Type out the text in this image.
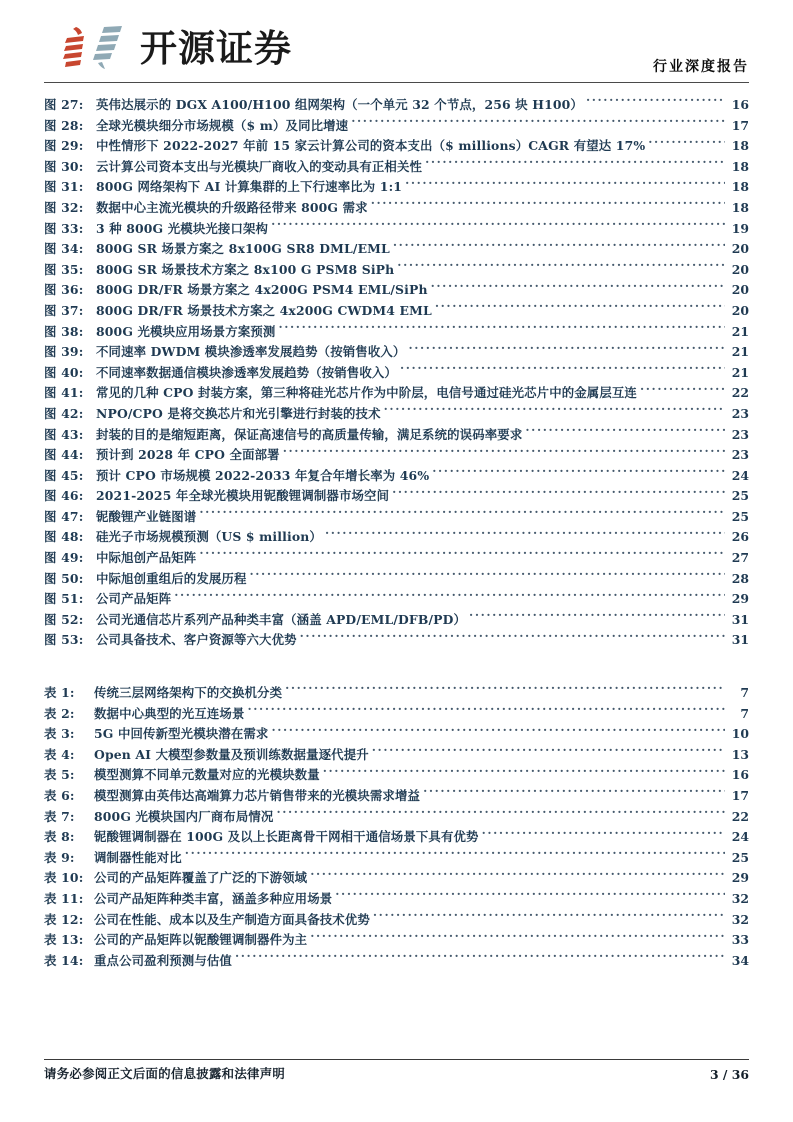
开源证券	行业深度报告
图 27:	英伟达展示的 DGX A100/H100 组网架构（一个单元 32 个节点，256 块 H100） .....	16
图 28:	全球光模块细分市场规模（$ m）及同比增速 .....	17
图 29:	中性情形下 2022-2027 年前 15 家云计算公司的资本支出（$ millions）CAGR 有望达 17% .....	18
图 30:	云计算公司资本支出与光模块厂商收入的变动具有正相关性 .....	18
图 31:	800G 网络架构下 AI 计算集群的上下行速率比为 1:1 .....	18
图 32:	数据中心主流光模块的升级路径带来 800G 需求 .....	18
图 33:	3 种 800G 光模块光接口架构 .....	19
图 34:	800G SR 场景方案之 8x100G SR8 DML/EML .....	20
图 35:	800G SR 场景技术方案之 8x100 G PSM8 SiPh .....	20
图 36:	800G DR/FR 场景方案之 4x200G PSM4 EML/SiPh .....	20
图 37:	800G DR/FR 场景技术方案之 4x200G CWDM4 EML .....	20
图 38:	800G 光模块应用场景方案预测 .....	21
图 39:	不同速率 DWDM 模块渗透率发展趋势（按销售收入） .....	21
图 40:	不同速率数据通信模块渗透率发展趋势（按销售收入） .....	21
图 41:	常见的几种 CPO 封装方案，第三种将硅光芯片作为中阶层，电信号通过硅光芯片中的金属层互连 .....	22
图 42:	NPO/CPO 是将交换芯片和光引擎进行封装的技术 .....	23
图 43:	封装的目的是缩短距离，保证高速信号的高质量传输，满足系统的误码率要求 .....	23
图 44:	预计到 2028 年 CPO 全面部署 .....	23
图 45:	预计 CPO 市场规模 2022-2033 年复合年增长率为 46% .....	24
图 46:	2021-2025 年全球光模块用铌酸锂调制器市场空间 .....	25
图 47:	铌酸锂产业链图谱 .....	25
图 48:	硅光子市场规模预测（US $ million） .....	26
图 49:	中际旭创产品矩阵 .....	27
图 50:	中际旭创重组后的发展历程 .....	28
图 51:	公司产品矩阵 .....	29
图 52:	公司光通信芯片系列产品种类丰富（涵盖 APD/EML/DFB/PD） .....	31
图 53:	公司具备技术、客户资源等六大优势 .....	31
表 1:	传统三层网络架构下的交换机分类 .....	7
表 2:	数据中心典型的光互连场景 .....	7
表 3:	5G 中回传新型光模块潜在需求 .....	10
表 4:	Open AI 大模型参数量及预训练数据量逐代提升 .....	13
表 5:	模型测算不同单元数量对应的光模块数量 .....	16
表 6:	模型测算由英伟达高端算力芯片销售带来的光模块需求增益 .....	17
表 7:	800G 光模块国内厂商布局情况 .....	22
表 8:	铌酸锂调制器在 100G 及以上长距离骨干网相干通信场景下具有优势 .....	24
表 9:	调制器性能对比 .....	25
表 10: 公司的产品矩阵覆盖了广泛的下游领域 .....	29
表 11: 公司产品矩阵种类丰富，涵盖多种应用场景 .....	32
表 12: 公司在性能、成本以及生产制造方面具备技术优势 .....	32
表 13: 公司的产品矩阵以铌酸锂调制器件为主 .....	33
表 14: 重点公司盈利预测与估值 .....	34
请务必参阅正文后面的信息披露和法律声明	3 / 36
